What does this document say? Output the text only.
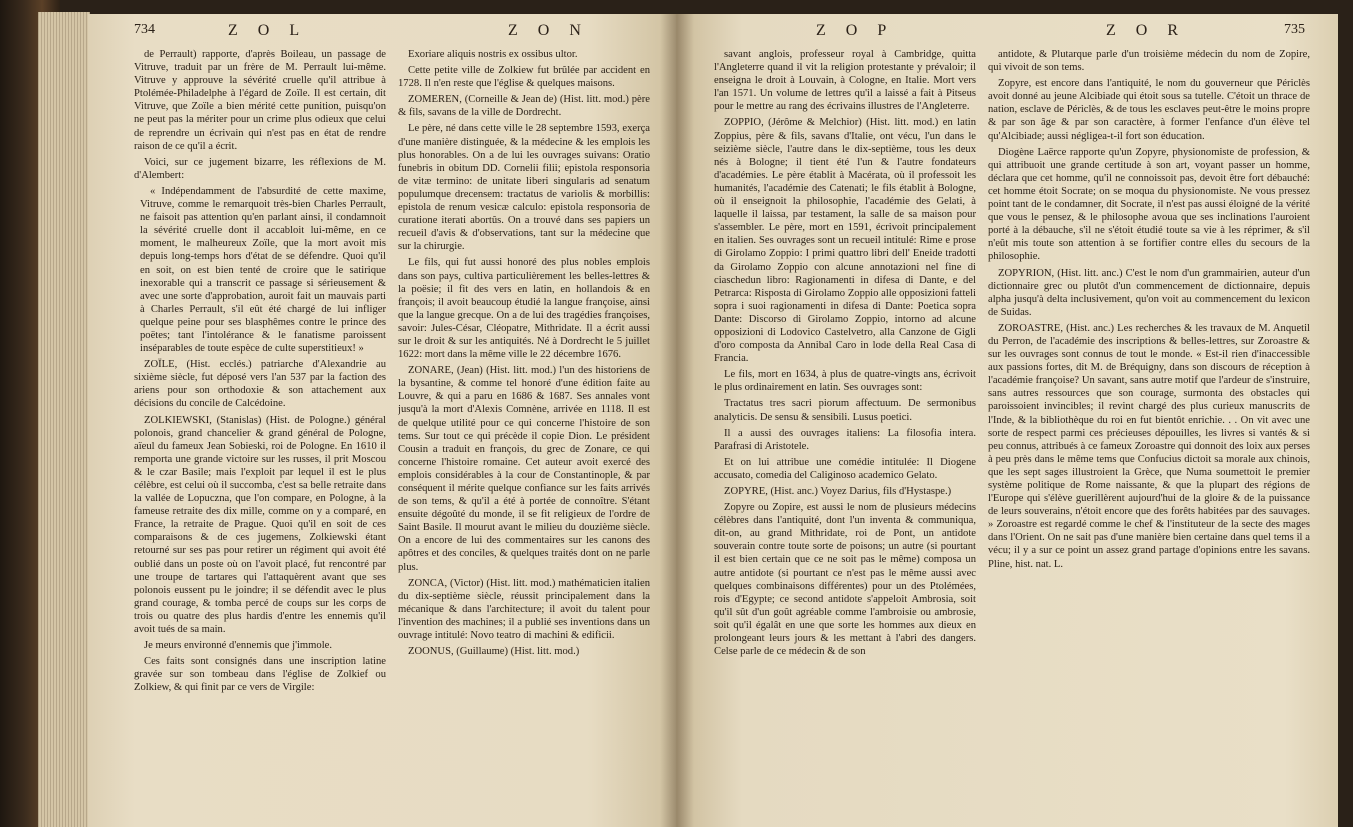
734	Z O L	Z O N

de Perrault) rapporte, d'après Boileau, un passage de Vitruve, traduit par un frère de M. Perrault lui-même. Vitruve y approuve la sévérité cruelle qu'il attribue à Ptolémée-Philadelphe à l'égard de Zoïle. Il est certain, dit Vitruve, que Zoïle a bien mérité cette punition, puisqu'on ne peut pas la mériter pour un crime plus odieux que celui de reprendre un écrivain qui n'est pas en état de rendre raison de ce qu'il a écrit.

Voici, sur ce jugement bizarre, les réflexions de M. d'Alembert:

« Indépendamment de l'absurdité de cette maxime, Vitruve, comme le remarquoit très-bien Charles Perrault, ne faisoit pas attention qu'en parlant ainsi, il condamnoit la sévérité cruelle dont il accabloit lui-même, en ce moment, le malheureux Zoïle, que la mort avoit mis depuis long-temps hors d'état de se défendre. Quoi qu'il en soit, on est bien tenté de croire que le satirique inexorable qui a transcrit ce passage si sérieusement & avec une sorte d'approbation, auroit fait un mauvais parti à Charles Perrault, s'il eût été chargé de lui infliger quelque peine pour ses blasphêmes contre le prince des poëtes; tant l'intolérance & le fanatisme paroissent inséparables de toute espèce de culte superstitieux! »

ZOÏLE, (Hist. ecclés.) patriarche d'Alexandrie au sixième siècle, fut déposé vers l'an 537 par la faction des ariens pour son orthodoxie & son attachement aux décisions du concile de Calcédoine.

ZOLKIEWSKI, (Stanislas) (Hist. de Pologne.) général polonois, grand chancelier & grand général de Pologne, aïeul du fameux Jean Sobieski, roi de Pologne. En 1610 il remporta une grande victoire sur les russes, il prit Moscou & le czar Basile; mais l'exploit par lequel il est le plus célèbre, est celui où il succomba, c'est sa belle retraite dans la vallée de Lopuczna, que l'on compare, en Pologne, à la fameuse retraite des dix mille, comme on y a comparé, en France, la retraite de Prague. Quoi qu'il en soit de ces comparaisons & de ces jugemens, Zolkiewski étant retourné sur ses pas pour retirer un régiment qui avoit été oublié dans un poste où on l'avoit placé, fut rencontré par une troupe de tartares qui l'attaquèrent avant que ses polonois eussent pu le joindre; il se défendit avec le plus grand courage, & tomba percé de coups sur les corps de trois ou quatre des plus hardis d'entre les ennemis qu'il avoit tués de sa main.

Je meurs environné d'ennemis que j'immole.

Ces faits sont consignés dans une inscription latine gravée sur son tombeau dans l'église de Zolkief ou Zolkiew, & qui finit par ce vers de Virgile:

Exoriare aliquis nostris ex ossibus ultor.

Cette petite ville de Zolkiew fut brûlée par accident en 1728. Il n'en reste que l'église & quelques maisons.

ZOMEREN, (Corneille & Jean de) (Hist. litt. mod.) père & fils, savans de la ville de Dordrecht.

Le père, né dans cette ville le 28 septembre 1593, exerça d'une manière distinguée, & la médecine & les emplois les plus honorables. On a de lui les ouvrages suivans: Oratio funebris in obitum DD. Cornelii filii; epistola responsoria de vitæ termino: de unitate liberi singularis ad senatum populumque drecensem: tractatus de variolis & morbillis: epistola de renum vesicæ calculo: epistola responsoria de curatione iterati abortûs. On a trouvé dans ses papiers un recueil d'avis & d'observations, tant sur la médecine que sur la chirurgie.

Le fils, qui fut aussi honoré des plus nobles emplois dans son pays, cultiva particulièrement les belles-lettres & la poësie; il fit des vers en latin, en hollandois & en françois; il avoit beaucoup étudié la langue françoise, ainsi que la langue grecque. On a de lui des tragédies françoises, savoir: Jules-César, Cléopatre, Mithridate. Il a écrit aussi sur le droit & sur les antiquités. Né à Dordrecht le 5 juillet 1622: mort dans la même ville le 22 décembre 1676.

ZONARE, (Jean) (Hist. litt. mod.) l'un des historiens de la bysantine, & comme tel honoré d'une édition faite au Louvre, & qui a paru en 1686 & 1687. Ses annales vont jusqu'à la mort d'Alexis Comnène, arrivée en 1118. Il est de quelque utilité pour ce qui concerne l'histoire de son tems. Sur tout ce qui précède il copie Dion. Le président Cousin a traduit en françois, du grec de Zonare, ce qui concerne l'histoire romaine. Cet auteur avoit exercé des emplois considérables à la cour de Constantinople, & par conséquent il mérite quelque confiance sur les faits arrivés de son tems, & qu'il a été à portée de connoître. S'étant ensuite dégoûté du monde, il se fit religieux de l'ordre de Saint Basile. Il mourut avant le milieu du douzième siècle. On a encore de lui des commentaires sur les canons des apôtres et des conciles, & quelques traités dont on ne parle plus.

ZONCA, (Victor) (Hist. litt. mod.) mathématicien italien du dix-septième siècle, réussit principalement dans la mécanique & dans l'architecture; il avoit du talent pour l'invention des machines; il a publié ses inventions dans un ouvrage intitulé: Novo teatro di machini & edificii.

ZOONUS, (Guillaume) (Hist. litt. mod.)

Z O P	Z O R	735

savant anglois, professeur royal à Cambridge, quitta l'Angleterre quand il vit la religion protestante y prévaloir; il enseigna le droit à Louvain, à Cologne, en Italie. Mort vers l'an 1571. Un volume de lettres qu'il a laissé a fait à Pitseus pour le mettre au rang des écrivains illustres de l'Angleterre.

ZOPPIO, (Jérôme & Melchior) (Hist. litt. mod.) en latin Zoppius, père & fils, savans d'Italie, ont vécu, l'un dans le seizième siècle, l'autre dans le dix-septième, tous les deux nés à Bologne; il tient été l'un & l'autre fondateurs d'académies. Le père établit à Macérata, où il professoit les humanités, l'académie des Catenati; le fils établit à Bologne, où il enseignoit la philosophie, l'académie des Gelati, à laquelle il laissa, par testament, la salle de sa maison pour s'assembler. Le père, mort en 1591, écrivoit principalement en italien. Ses ouvrages sont un recueil intitulé: Rime e prose di Girolamo Zoppio: I primi quattro libri dell' Eneide tradotti da Girolamo Zoppio con alcune annotazioni nel fine di ciaschedun libro: Ragionamenti in difesa di Dante, e del Petrarca: Risposta di Girolamo Zoppio alle opposizioni fatteli sopra i suoi ragionamenti in difesa di Dante: Poetica sopra Dante: Discorso di Girolamo Zoppio, intorno ad alcune opposizioni di Lodovico Castelvetro, alla Canzone de Gigli d'oro composta da Annibal Caro in lode della Real Casa di Francia.

Le fils, mort en 1634, à plus de quatre-vingts ans, écrivoit le plus ordinairement en latin. Ses ouvrages sont:

Tractatus tres sacri piorum affectuum. De sermonibus analyticis. De sensu & sensibili. Lusus poetici.

Il a aussi des ouvrages italiens: La filosofia intera. Parafrasi di Aristotele.

Et on lui attribue une comédie intitulée: Il Diogene accusato, comedia del Caliginoso academico Gelato.

ZOPYRE, (Hist. anc.) Voyez Darius, fils d'Hystaspe.)

Zopyre ou Zopire, est aussi le nom de plusieurs médecins célèbres dans l'antiquité, dont l'un inventa & communiqua, dit-on, au grand Mithridate, roi de Pont, un antidote souverain contre toute sorte de poisons; un autre (si pourtant il est bien certain que ce ne soit pas le même) composa un autre antidote (si pourtant ce n'est pas le même aussi avec quelques combinaisons différentes) pour un des Ptolémées, rois d'Egypte; ce second antidote s'appeloit Ambrosia, soit qu'il sût d'un goût agréable comme l'ambroisie ou ambrosie, soit qu'il égalât en une que sorte les hommes aux dieux en prolongeant leurs jours & les mettant à l'abri des dangers. Celse parle de ce médecin & de son

antidote, & Plutarque parle d'un troisième médecin du nom de Zopire, qui vivoit de son tems.

Zopyre, est encore dans l'antiquité, le nom du gouverneur que Périclès avoit donné au jeune Alcibiade qui étoit sous sa tutelle. C'étoit un thrace de nation, esclave de Périclès, & de tous les esclaves peut-être le moins propre & par son âge & par son caractère, à former l'enfance d'un élève tel qu'Alcibiade; aussi négligea-t-il fort son éducation.

Diogène Laërce rapporte qu'un Zopyre, physionomiste de profession, & qui attribuoit une grande certitude à son art, voyant passer un homme, déclara que cet homme, qu'il ne connoissoit pas, devoit être fort débauché: cet homme étoit Socrate; on se moqua du physionomiste. Ne vous pressez point tant de le condamner, dit Socrate, il n'est pas aussi éloigné de la vérité que vous le pensez, & le philosophe avoua que ses inclinations l'auroient porté à la débauche, s'il ne s'étoit étudié toute sa vie à les réprimer, & s'il n'eût mis toute son attention à se fortifier contre elles du secours de la philosophie.

ZOPYRION, (Hist. litt. anc.) C'est le nom d'un grammairien, auteur d'un dictionnaire grec ou plutôt d'un commencement de dictionnaire, depuis alpha jusqu'à delta inclusivement, qu'on voit au commencement du lexicon de Suidas.

ZOROASTRE, (Hist. anc.) Les recherches & les travaux de M. Anquetil du Perron, de l'académie des inscriptions & belles-lettres, sur Zoroastre & sur les ouvrages sont connus de tout le monde. « Est-il rien d'inaccessible aux passions fortes, dit M. de Bréquigny, dans son discours de réception à l'académie françoise? Un savant, sans autre motif que l'ardeur de s'instruire, sans autres ressources que son courage, surmonta des obstacles qui paroissoient invincibles; il revint chargé des plus curieux manuscrits de l'Inde, & la bibliothèque du roi en fut bientôt enrichie. . . On vit avec une sorte de respect parmi ces précieuses dépouilles, les livres si vantés & si peu connus, attribués à ce fameux Zoroastre qui donnoit des loix aux perses à peu près dans le même tems que Confucius dictoit sa morale aux chinois, que les sept sages illustroient la Grèce, que Numa soumettoit le premier système politique de Rome naissante, & que la plupart des régions de l'Europe qui s'élève guerillèrent aujourd'hui de la gloire & de la puissance de leurs souverains, n'étoit encore que des forêts habitées par des sauvages. » Zoroastre est regardé comme le chef & l'instituteur de la secte des mages dans l'Orient. On ne sait pas d'une manière bien certaine dans quel tems il a vécu; il y a sur ce point un assez grand partage d'opinions entre les savans. Pline, hist. nat. L.
